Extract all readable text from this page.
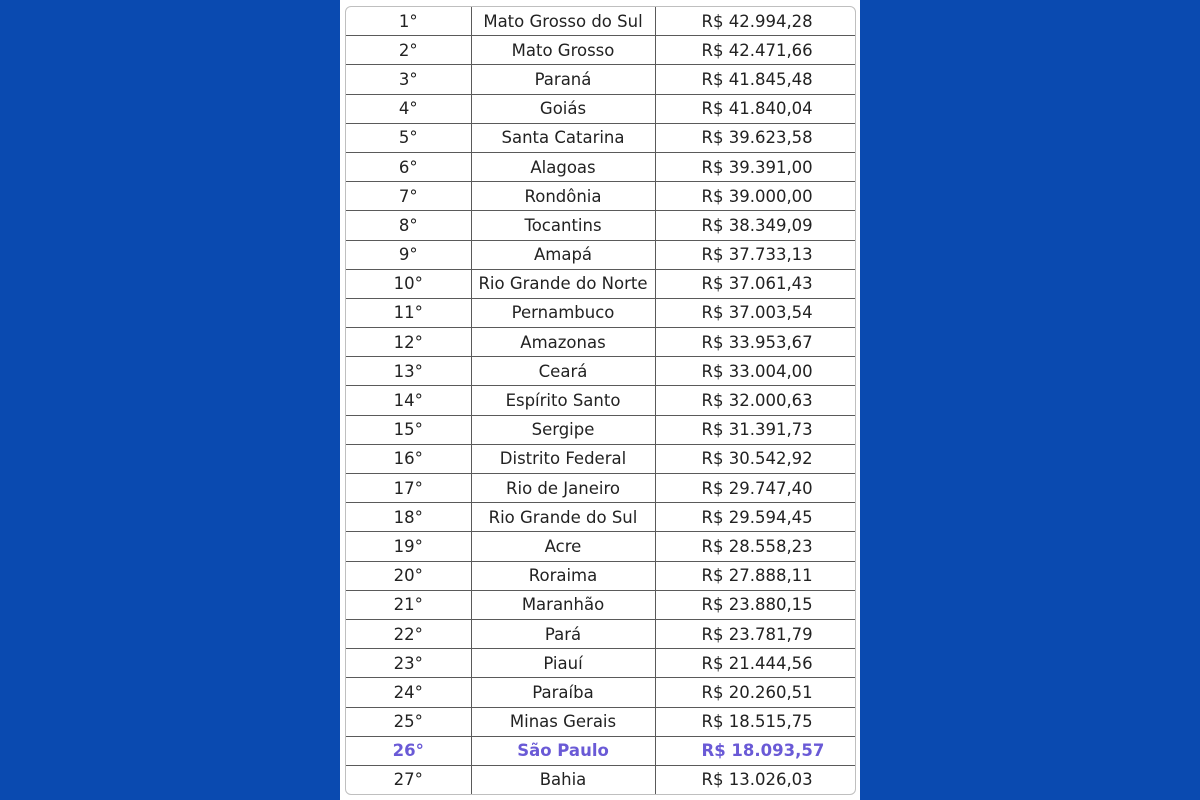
1°	Mato Grosso do Sul	R$ 42.994,28
2°	Mato Grosso	R$ 42.471,66
3°	Paraná	R$ 41.845,48
4°	Goiás	R$ 41.840,04
5°	Santa Catarina	R$ 39.623,58
6°	Alagoas	R$ 39.391,00
7°	Rondônia	R$ 39.000,00
8°	Tocantins	R$ 38.349,09
9°	Amapá	R$ 37.733,13
10°	Rio Grande do Norte	R$ 37.061,43
11°	Pernambuco	R$ 37.003,54
12°	Amazonas	R$ 33.953,67
13°	Ceará	R$ 33.004,00
14°	Espírito Santo	R$ 32.000,63
15°	Sergipe	R$ 31.391,73
16°	Distrito Federal	R$ 30.542,92
17°	Rio de Janeiro	R$ 29.747,40
18°	Rio Grande do Sul	R$ 29.594,45
19°	Acre	R$ 28.558,23
20°	Roraima	R$ 27.888,11
21°	Maranhão	R$ 23.880,15
22°	Pará	R$ 23.781,79
23°	Piauí	R$ 21.444,56
24°	Paraíba	R$ 20.260,51
25°	Minas Gerais	R$ 18.515,75
26°	São Paulo	R$ 18.093,57
27°	Bahia	R$ 13.026,03
